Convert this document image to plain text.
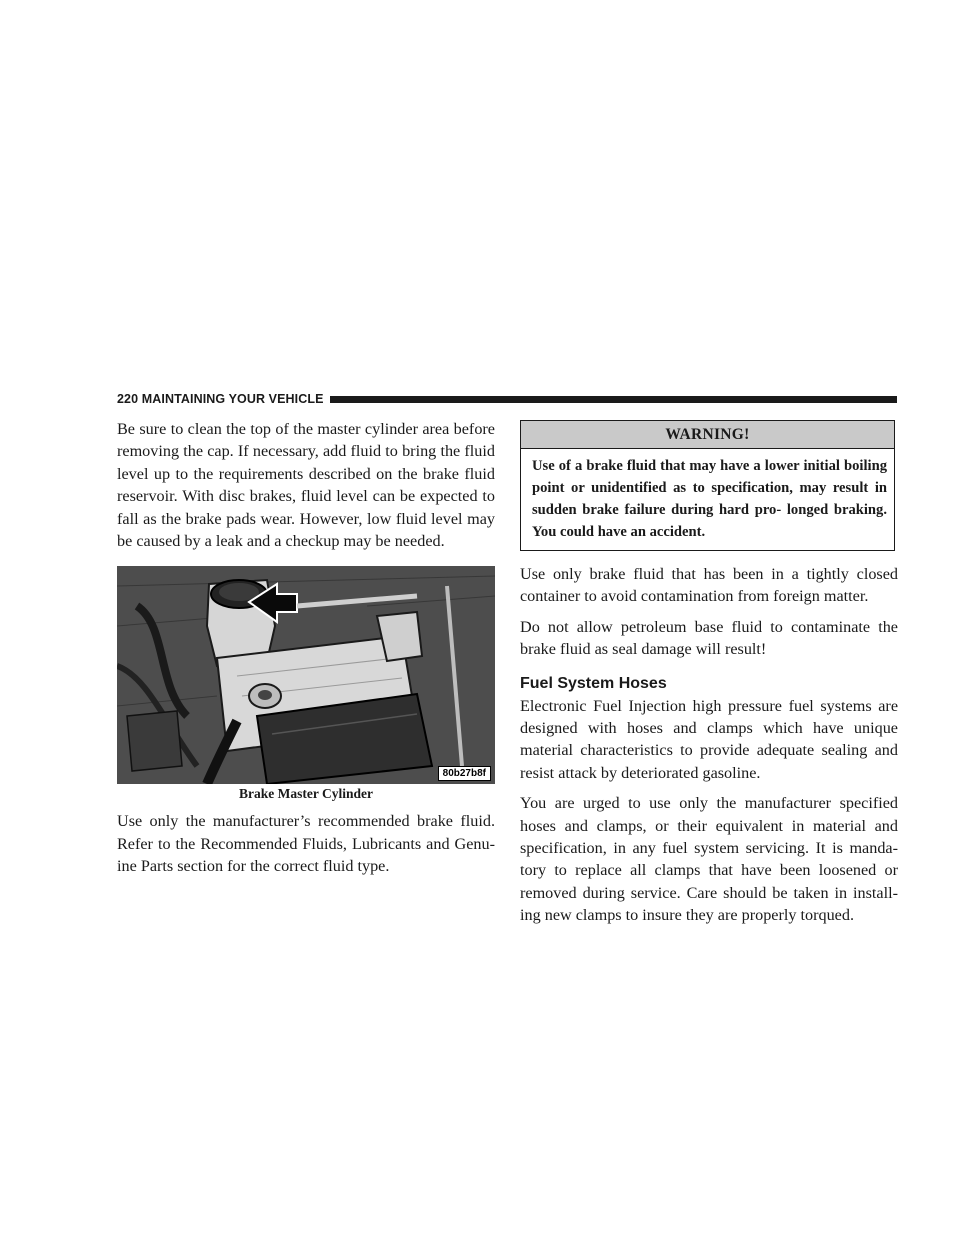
220 MAINTAINING YOUR VEHICLE

Be sure to clean the top of the master cylinder area before removing the cap. If necessary, add fluid to bring the fluid level up to the requirements described on the brake fluid reservoir. With disc brakes, fluid level can be expected to fall as the brake pads wear. However, low fluid level may be caused by a leak and a checkup may be needed.

80b27b8f
Brake Master Cylinder

Use only the manufacturer’s recommended brake fluid. Refer to the Recommended Fluids, Lubricants and Genu- ine Parts section for the correct fluid type.

WARNING!
Use of a brake fluid that may have a lower initial boiling point or unidentified as to specification, may result in sudden brake failure during hard pro- longed braking. You could have an accident.

Use only brake fluid that has been in a tightly closed container to avoid contamination from foreign matter.

Do not allow petroleum base fluid to contaminate the brake fluid as seal damage will result!

Fuel System Hoses

Electronic Fuel Injection high pressure fuel systems are designed with hoses and clamps which have unique material characteristics to provide adequate sealing and resist attack by deteriorated gasoline.

You are urged to use only the manufacturer specified hoses and clamps, or their equivalent in material and specification, in any fuel system servicing. It is manda- tory to replace all clamps that have been loosened or removed during service. Care should be taken in install- ing new clamps to insure they are properly torqued.
